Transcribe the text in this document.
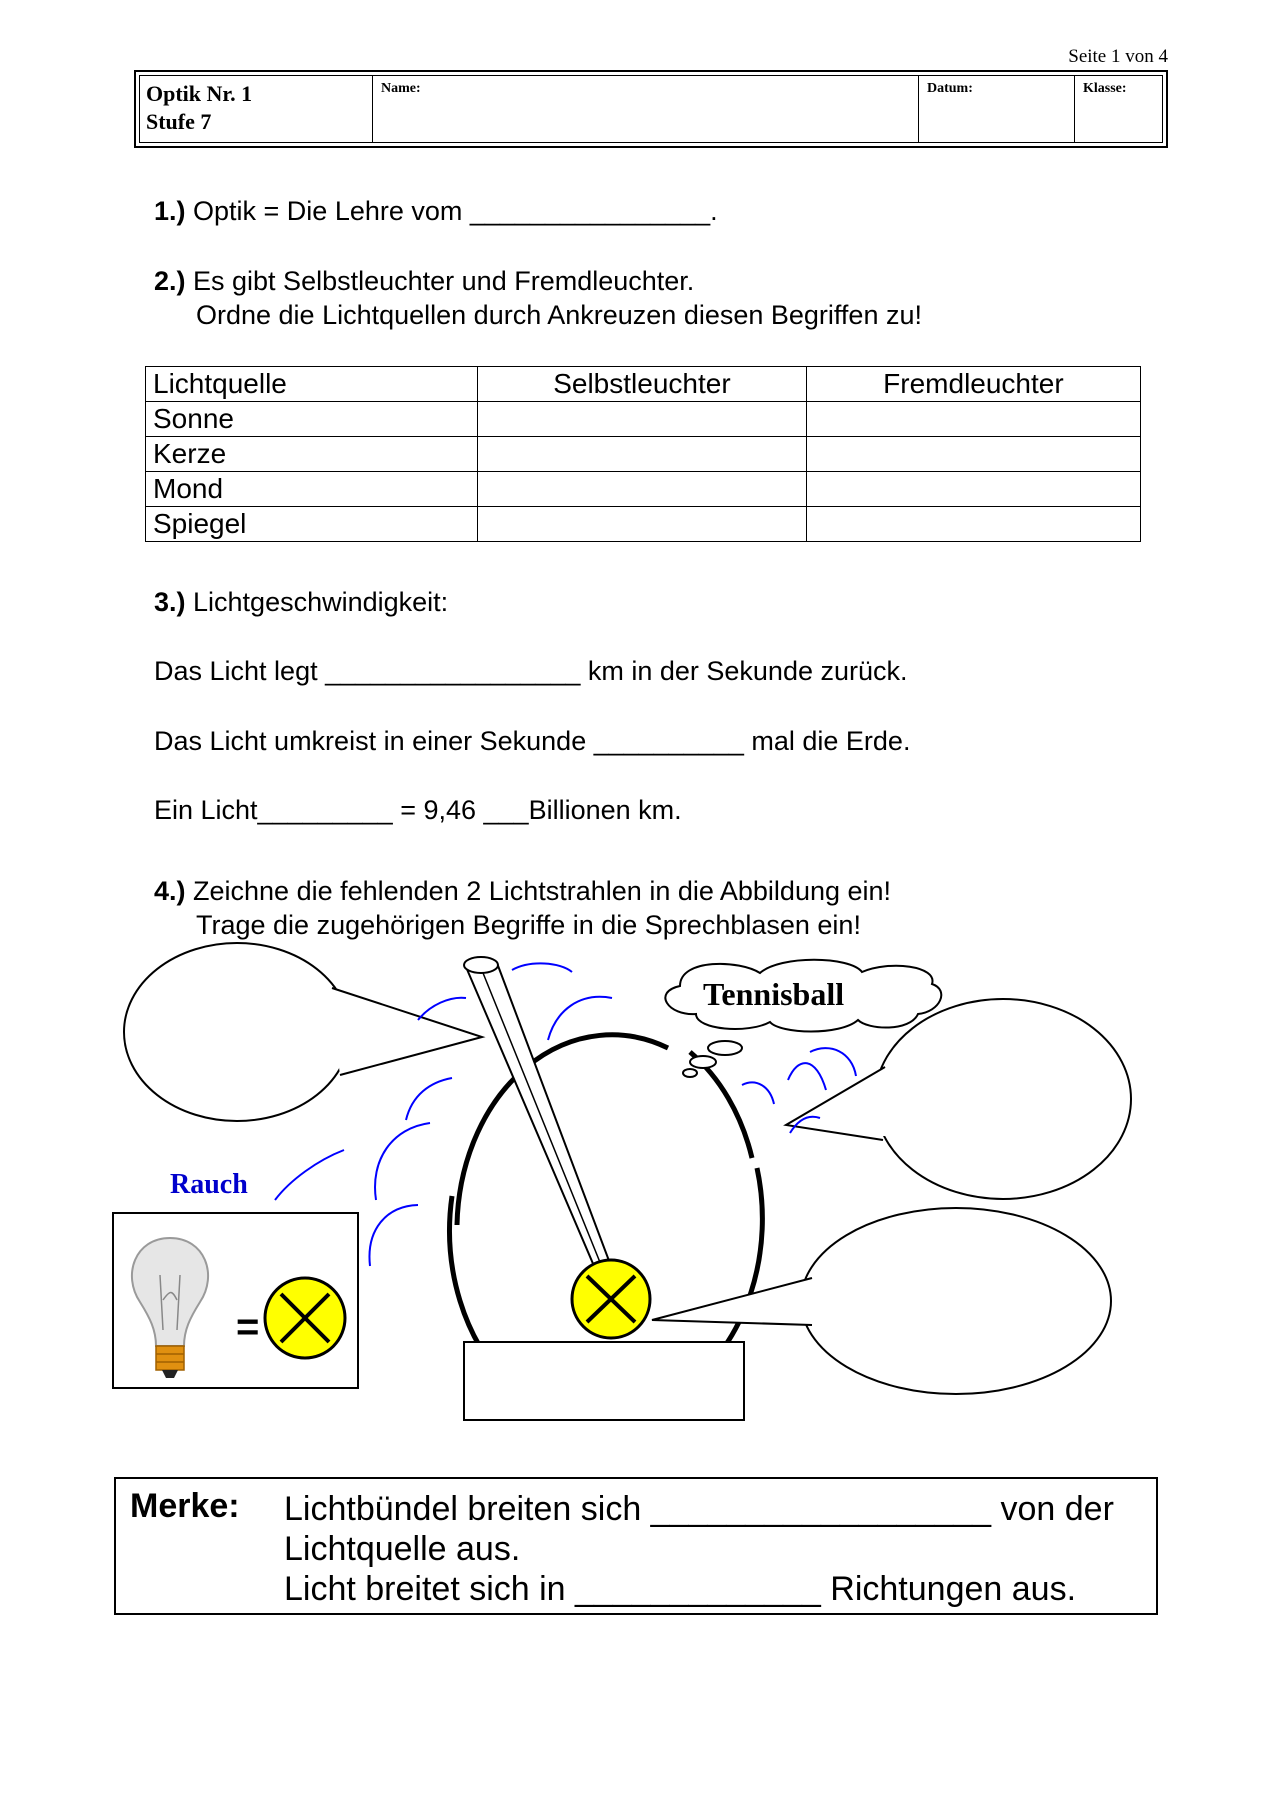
Seite 1 von 4
Optik Nr. 1
Stufe 7
Name:	Datum:	Klasse:
1.) Optik = Die Lehre vom ________________.
2.) Es gibt Selbstleuchter und Fremdleuchter.
Ordne die Lichtquellen durch Ankreuzen diesen Begriffen zu!
Lichtquelle	Selbstleuchter	Fremdleuchter
Sonne		
Kerze		
Mond		
Spiegel		
3.) Lichtgeschwindigkeit:
Das Licht legt _________________ km in der Sekunde zurück.
Das Licht umkreist in einer Sekunde __________ mal die Erde.
Ein Licht_________ = 9,46 ___Billionen km.
4.) Zeichne die fehlenden 2 Lichtstrahlen in die Abbildung ein!
Trage die zugehörigen Begriffe in die Sprechblasen ein!
=
Tennisball
Rauch
Merke: Lichtbündel breiten sich __________________ von der
Lichtquelle aus.
Licht breitet sich in _____________ Richtungen aus.
